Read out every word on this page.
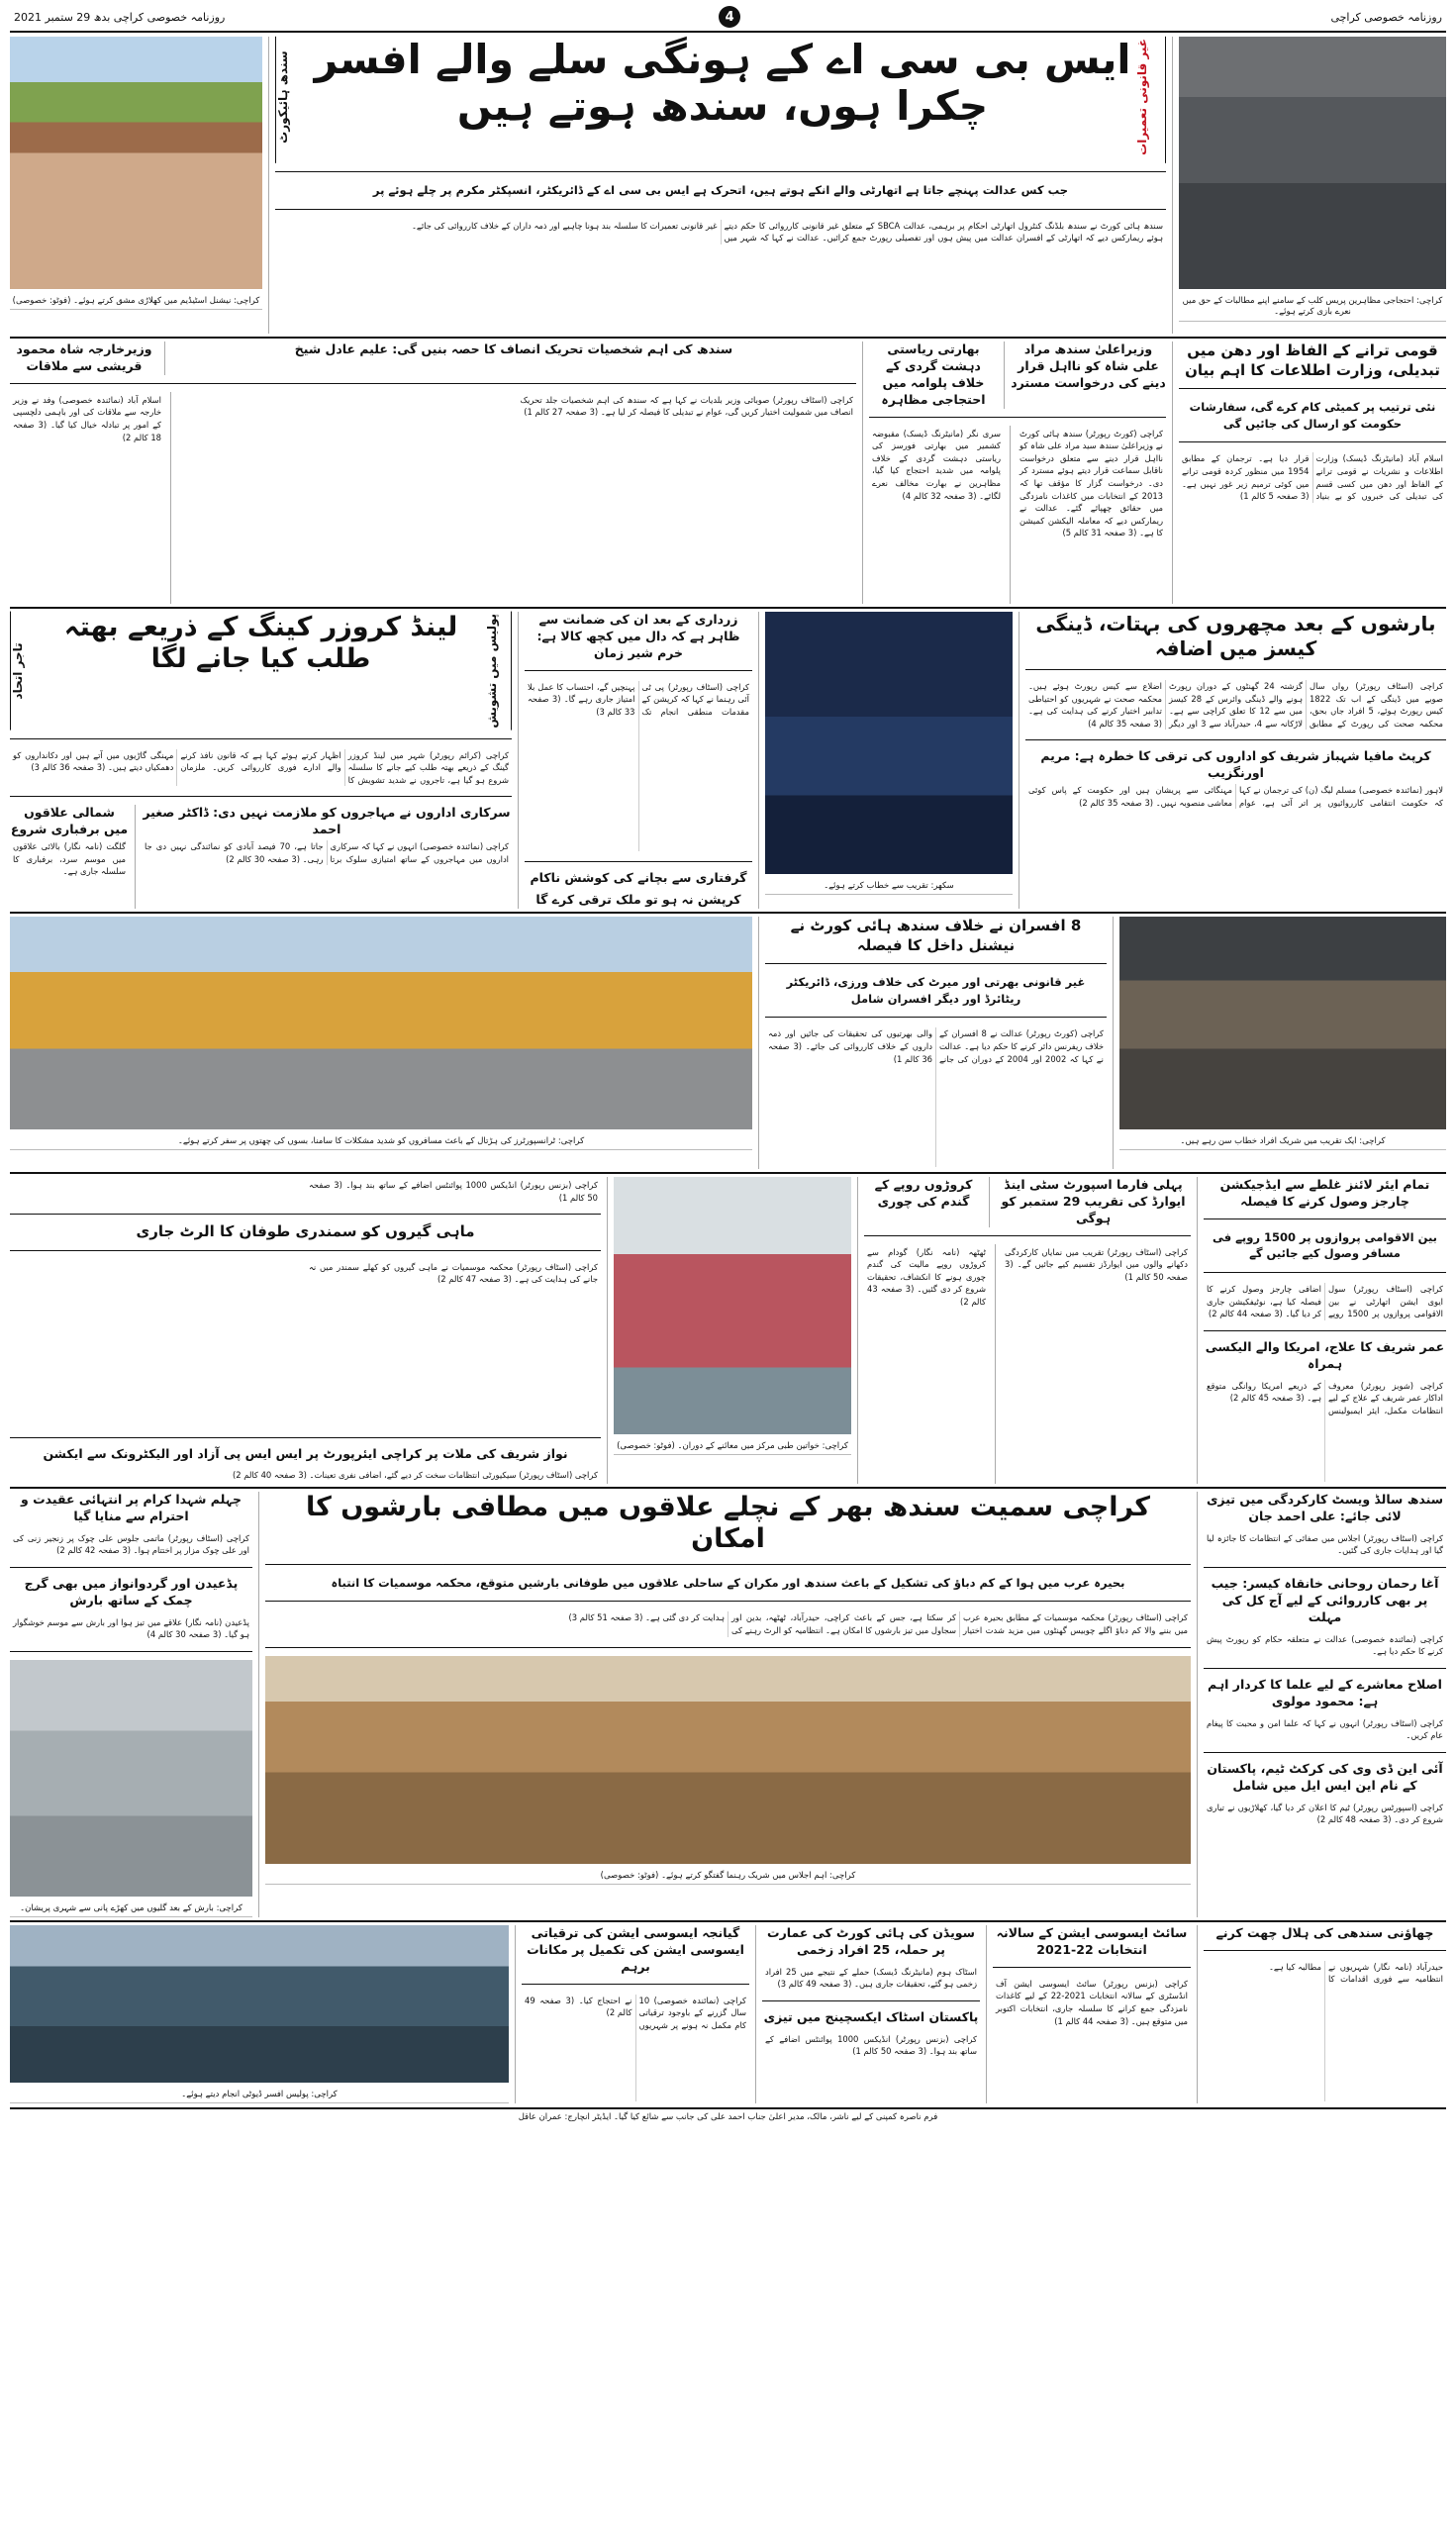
روزنامہ خصوصی کراچی
4
روزنامہ خصوصی کراچی بدھ 29 ستمبر 2021
کراچی: احتجاجی مظاہرین پریس کلب کے سامنے اپنے مطالبات کے حق میں نعرے بازی کرتے ہوئے۔
غیر قانونی تعمیرات
ایس بی سی اے کے ہونگی سلے والے افسر چکرا ہوں، سندھ ہوتے ہیں
سندھ ہائیکورٹ
جب کس عدالت پہنچے جاتا ہے اتھارٹی والے انکے ہوتے ہیں، اتحرک ہے ایس بی سی اے کے ڈائریکٹر، انسپکٹر مکرم پر چلے ہوئے پر
سندھ ہائی کورٹ نے سندھ بلڈنگ کنٹرول اتھارٹی احکام پر برہمی، عدالت SBCA کے متعلق غیر قانونی کارروائی کا حکم دیتے ہوئے ریمارکس دیے کہ اتھارٹی کے افسران عدالت میں پیش ہوں اور تفصیلی رپورٹ جمع کرائیں۔ عدالت نے کہا کہ شہر میں غیر قانونی تعمیرات کا سلسلہ بند ہونا چاہیے اور ذمہ داران کے خلاف کارروائی کی جائے۔
کراچی: نیشنل اسٹیڈیم میں کھلاڑی مشق کرتے ہوئے۔ (فوٹو: خصوصی)
قومی ترانے کے الفاظ اور دھن میں تبدیلی، وزارت اطلاعات کا اہم بیان
نئی ترتیب پر کمیٹی کام کرے گی، سفارشات حکومت کو ارسال کی جائیں گی
اسلام آباد (مانیٹرنگ ڈیسک) وزارت اطلاعات و نشریات نے قومی ترانے کے الفاظ اور دھن میں کسی قسم کی تبدیلی کی خبروں کو بے بنیاد قرار دیا ہے۔ ترجمان کے مطابق 1954 میں منظور کردہ قومی ترانے میں کوئی ترمیم زیر غور نہیں ہے۔ (3 صفحہ 5 کالم 1)
وزیراعلیٰ سندھ مراد علی شاہ کو نااہل قرار دینے کی درخواست مسترد
بھارتی ریاستی دہشت گردی کے خلاف پلوامہ میں احتجاجی مظاہرہ
کراچی (کورٹ رپورٹر) سندھ ہائی کورٹ نے وزیراعلیٰ سندھ سید مراد علی شاہ کو نااہل قرار دینے سے متعلق درخواست ناقابل سماعت قرار دیتے ہوئے مسترد کر دی۔ درخواست گزار کا مؤقف تھا کہ 2013 کے انتخابات میں کاغذات نامزدگی میں حقائق چھپائے گئے۔ عدالت نے ریمارکس دیے کہ معاملہ الیکشن کمیشن کا ہے۔ (3 صفحہ 31 کالم 5)
سری نگر (مانیٹرنگ ڈیسک) مقبوضہ کشمیر میں بھارتی فورسز کی ریاستی دہشت گردی کے خلاف پلوامہ میں شدید احتجاج کیا گیا، مظاہرین نے بھارت مخالف نعرے لگائے۔ (3 صفحہ 32 کالم 4)
سندھ کی اہم شخصیات تحریک انصاف کا حصہ بنیں گی: علیم عادل شیخ
وزیرخارجہ شاہ محمود قریشی سے ملاقات
کراچی (اسٹاف رپورٹر) صوبائی وزیر بلدیات نے کہا ہے کہ سندھ کی اہم شخصیات جلد تحریک انصاف میں شمولیت اختیار کریں گی، عوام نے تبدیلی کا فیصلہ کر لیا ہے۔ (3 صفحہ 27 کالم 1)
اسلام آباد (نمائندہ خصوصی) وفد نے وزیر خارجہ سے ملاقات کی اور باہمی دلچسپی کے امور پر تبادلہ خیال کیا گیا۔ (3 صفحہ 18 کالم 2)
بارشوں کے بعد مچھروں کی بہتات، ڈینگی کیسز میں اضافہ
کراچی (اسٹاف رپورٹر) رواں سال صوبے میں ڈینگی کے اب تک 1822 کیس رپورٹ ہوئے، 5 افراد جاں بحق، محکمہ صحت کی رپورٹ کے مطابق گزشتہ 24 گھنٹوں کے دوران رپورٹ ہونے والے ڈینگی وائرس کے 28 کیسز میں سے 12 کا تعلق کراچی سے ہے۔ لاڑکانہ سے 4، حیدرآباد سے 3 اور دیگر اضلاع سے کیس رپورٹ ہوئے ہیں۔ محکمہ صحت نے شہریوں کو احتیاطی تدابیر اختیار کرنے کی ہدایت کی ہے۔ (3 صفحہ 35 کالم 4)
کرپٹ مافیا شہباز شریف کو اداروں کی ترقی کا خطرہ ہے: مریم اورنگزیب
لاہور (نمائندہ خصوصی) مسلم لیگ (ن) کی ترجمان نے کہا کہ حکومت انتقامی کارروائیوں پر اتر آئی ہے، عوام مہنگائی سے پریشان ہیں اور حکومت کے پاس کوئی معاشی منصوبہ نہیں۔ (3 صفحہ 35 کالم 2)
سکھر: تقریب سے خطاب کرتے ہوئے۔
زرداری کے بعد ان کی ضمانت سے ظاہر ہے کہ دال میں کچھ کالا ہے: خرم شیر زمان
کراچی (اسٹاف رپورٹر) پی ٹی آئی رہنما نے کہا کہ کرپشن کے مقدمات منطقی انجام تک پہنچیں گے، احتساب کا عمل بلا امتیاز جاری رہے گا۔ (3 صفحہ 33 کالم 3)
گرفتاری سے بچانے کی کوشش ناکام
کرپشن نہ ہو تو ملک ترقی کرے گا
پولیس میں تشویش
لینڈ کروزر کینگ کے ذریعے بھتہ طلب کیا جانے لگا
تاجر اتحاد
کراچی (کرائم رپورٹر) شہر میں لینڈ کروزر گینگ کے ذریعے بھتہ طلب کیے جانے کا سلسلہ شروع ہو گیا ہے، تاجروں نے شدید تشویش کا اظہار کرتے ہوئے کہا ہے کہ قانون نافذ کرنے والے ادارے فوری کارروائی کریں۔ ملزمان مہنگی گاڑیوں میں آتے ہیں اور دکانداروں کو دھمکیاں دیتے ہیں۔ (3 صفحہ 36 کالم 3)
سرکاری اداروں نے مہاجروں کو ملازمت نہیں دی: ڈاکٹر صغیر احمد
کراچی (نمائندہ خصوصی) انہوں نے کہا کہ سرکاری اداروں میں مہاجروں کے ساتھ امتیازی سلوک برتا جاتا ہے، 70 فیصد آبادی کو نمائندگی نہیں دی جا رہی۔ (3 صفحہ 30 کالم 2)
شمالی علاقوں میں برفباری شروع
گلگت (نامہ نگار) بالائی علاقوں میں موسم سرد، برفباری کا سلسلہ جاری ہے۔
کراچی: ایک تقریب میں شریک افراد خطاب سن رہے ہیں۔
8 افسران نے خلاف سندھ ہائی کورٹ نے نیشنل داخل کا فیصلہ
غیر قانونی بھرتی اور میرٹ کی خلاف ورزی، ڈائریکٹر ریٹائرڈ اور دیگر افسران شامل
کراچی (کورٹ رپورٹر) عدالت نے 8 افسران کے خلاف ریفرنس دائر کرنے کا حکم دیا ہے۔ عدالت نے کہا کہ 2002 اور 2004 کے دوران کی جانے والی بھرتیوں کی تحقیقات کی جائیں اور ذمہ داروں کے خلاف کارروائی کی جائے۔ (3 صفحہ 36 کالم 1)
کراچی: ٹرانسپورٹرز کی ہڑتال کے باعث مسافروں کو شدید مشکلات کا سامنا، بسوں کی چھتوں پر سفر کرتے ہوئے۔
تمام ایئر لائنز غلطے سے ایڈجیکشن چارجز وصول کرنے کا فیصلہ
بین الاقوامی پروازوں پر 1500 روپے فی مسافر وصول کیے جائیں گے
کراچی (اسٹاف رپورٹر) سول ایوی ایشن اتھارٹی نے بین الاقوامی پروازوں پر 1500 روپے اضافی چارجز وصول کرنے کا فیصلہ کیا ہے، نوٹیفکیشن جاری کر دیا گیا۔ (3 صفحہ 44 کالم 2)
عمر شریف کا علاج، امریکا والے الیکسی ہمراہ
کراچی (شوبز رپورٹر) معروف اداکار عمر شریف کے علاج کے لیے انتظامات مکمل، ایئر ایمبولینس کے ذریعے امریکا روانگی متوقع ہے۔ (3 صفحہ 45 کالم 2)
پہلی فارما اسپورٹ سٹی اینڈ ایوارڈ کی تقریب 29 ستمبر کو ہوگی
کروڑوں روپے کے گندم کی چوری
کراچی (اسٹاف رپورٹر) تقریب میں نمایاں کارکردگی دکھانے والوں میں ایوارڈز تقسیم کیے جائیں گے۔ (3 صفحہ 50 کالم 1)
ٹھٹھہ (نامہ نگار) گودام سے کروڑوں روپے مالیت کی گندم چوری ہونے کا انکشاف، تحقیقات شروع کر دی گئیں۔ (3 صفحہ 43 کالم 2)
کراچی: خواتین طبی مرکز میں معائنے کے دوران۔ (فوٹو: خصوصی)
کراچی (بزنس رپورٹر) انڈیکس 1000 پوائنٹس اضافے کے ساتھ بند ہوا۔ (3 صفحہ 50 کالم 1)
ماہی گیروں کو سمندری طوفان کا الرٹ جاری
کراچی (اسٹاف رپورٹر) محکمہ موسمیات نے ماہی گیروں کو کھلے سمندر میں نہ جانے کی ہدایت کی ہے۔ (3 صفحہ 47 کالم 2)
نواز شریف کی ملات پر کراچی ایئرپورٹ پر ایس ایس پی آزاد اور الیکٹرونک سے ایکشن
کراچی (اسٹاف رپورٹر) سیکیورٹی انتظامات سخت کر دیے گئے، اضافی نفری تعینات۔ (3 صفحہ 40 کالم 2)
سندھ سالڈ ویسٹ کارکردگی میں تیزی لائی جائے: علی احمد جان
کراچی (اسٹاف رپورٹر) اجلاس میں صفائی کے انتظامات کا جائزہ لیا گیا اور ہدایات جاری کی گئیں۔
آغا رحمان روحانی خانقاہ کیسر: جیب پر بھی کارروائی کے لیے آج کل کی مہلت
کراچی (نمائندہ خصوصی) عدالت نے متعلقہ حکام کو رپورٹ پیش کرنے کا حکم دیا ہے۔
اصلاح معاشرے کے لیے علما کا کردار اہم ہے: محمود مولوی
کراچی (اسٹاف رپورٹر) انہوں نے کہا کہ علما امن و محبت کا پیغام عام کریں۔
آئی این ڈی وی کی کرکٹ ٹیم، پاکستان کے نام این ایس ایل میں شامل
کراچی (اسپورٹس رپورٹر) ٹیم کا اعلان کر دیا گیا، کھلاڑیوں نے تیاری شروع کر دی۔ (3 صفحہ 48 کالم 2)
کراچی سمیت سندھ بھر کے نچلے علاقوں میں مطافی بارشوں کا امکان
بحیرہ عرب میں ہوا کے کم دباؤ کی تشکیل کے باعث سندھ اور مکران کے ساحلی علاقوں میں طوفانی بارشیں متوقع، محکمہ موسمیات کا انتباہ
کراچی (اسٹاف رپورٹر) محکمہ موسمیات کے مطابق بحیرہ عرب میں بننے والا کم دباؤ اگلے چوبیس گھنٹوں میں مزید شدت اختیار کر سکتا ہے، جس کے باعث کراچی، حیدرآباد، ٹھٹھہ، بدین اور سجاول میں تیز بارشوں کا امکان ہے۔ انتظامیہ کو الرٹ رہنے کی ہدایت کر دی گئی ہے۔ (3 صفحہ 51 کالم 3)
کراچی: اہم اجلاس میں شریک رہنما گفتگو کرتے ہوئے۔ (فوٹو: خصوصی)
چہلم شہدا کرام پر انتہائی عقیدت و احترام سے منایا گیا
کراچی (اسٹاف رپورٹر) ماتمی جلوس علی چوک پر زنجیر زنی کی اور علی چوک مزار پر اختتام ہوا۔ (3 صفحہ 42 کالم 2)
پڈعیدن اور گردوانواز میں بھی گرج چمک کے ساتھ بارش
پڈعیدن (نامہ نگار) علاقے میں تیز ہوا اور بارش سے موسم خوشگوار ہو گیا۔ (3 صفحہ 30 کالم 4)
کراچی: بارش کے بعد گلیوں میں کھڑے پانی سے شہری پریشان۔
چھاؤنی سندھی کی ہلال چھت کرنے
حیدرآباد (نامہ نگار) شہریوں نے انتظامیہ سے فوری اقدامات کا مطالبہ کیا ہے۔
سائٹ ایسوسی ایشن کے سالانہ انتخابات 22-2021
کراچی (بزنس رپورٹر) سائٹ ایسوسی ایشن آف انڈسٹری کے سالانہ انتخابات 2021-22 کے لیے کاغذات نامزدگی جمع کرانے کا سلسلہ جاری، انتخابات اکتوبر میں متوقع ہیں۔ (3 صفحہ 44 کالم 1)
سویڈن کی ہائی کورٹ کی عمارت پر حملہ، 25 افراد زخمی
اسٹاک ہوم (مانیٹرنگ ڈیسک) حملے کے نتیجے میں 25 افراد زخمی ہو گئے، تحقیقات جاری ہیں۔ (3 صفحہ 49 کالم 3)
پاکستان اسٹاک ایکسچینج میں تیزی
کراچی (بزنس رپورٹر) انڈیکس 1000 پوائنٹس اضافے کے ساتھ بند ہوا۔ (3 صفحہ 50 کالم 1)
گیانجہ ایسوسی ایشن کی ترقیاتی ایسوسی ایشن کی تکمیل پر مکانات برہم
کراچی (نمائندہ خصوصی) 10 سال گزرنے کے باوجود ترقیاتی کام مکمل نہ ہونے پر شہریوں نے احتجاج کیا۔ (3 صفحہ 49 کالم 2)
کراچی: پولیس افسر ڈیوٹی انجام دیتے ہوئے۔
فرم ناصرہ کمپنی کے لیے ناشر، مالک، مدیر اعلیٰ جناب احمد علی کی جانب سے شائع کیا گیا۔ ایڈیٹر انچارج: عمران عاقل
